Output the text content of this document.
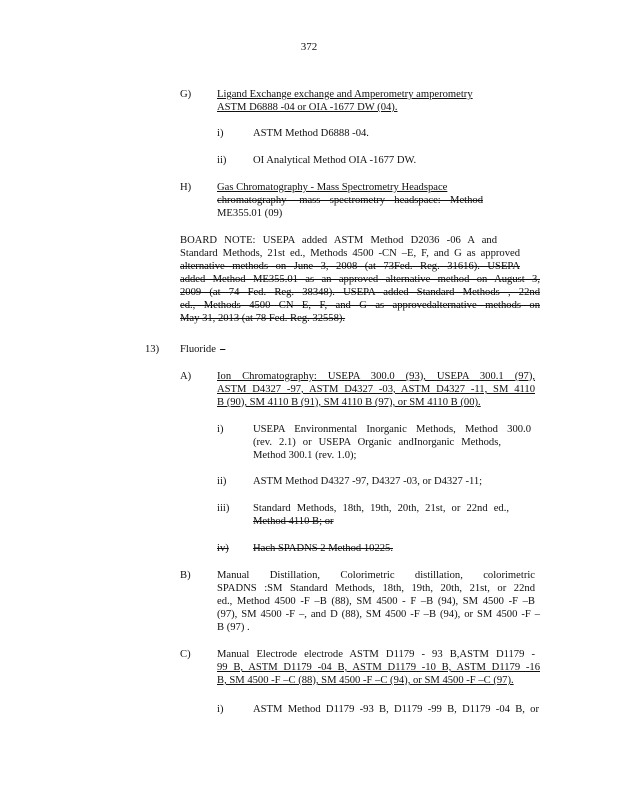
372
G) Ligand Exchange exchange and Amperometry amperometry
ASTM D6888 -04 or OIA -1677 DW (04).
i)	ASTM Method D6888 -04.
ii)	OI Analytical Method OIA -1677 DW.
H) Gas Chromatography - Mass Spectrometry Headspace
chromatography -mass spectrometry headspace: Method
ME355.01 (09)
BOARD NOTE: USEPA added ASTM Method D2036 -06 A and
Standard Methods, 21st ed., Methods 4500 -CN –E, F, and G as approved
alternative methods on June 3, 2008 (at 73Fed. Reg. 31616). USEPA
added Method ME355.01 as an approved alternative method on August 3,
2009 (at 74 Fed. Reg. 38348). USEPA added Standard Methods , 22nd
ed., Methods 4500 CN E, F, and G as approvedalternative methods on
May 31, 2013 (at 78 Fed. Reg. 32558).
13) Fluoride –
A) Ion Chromatography: USEPA 300.0 (93), USEPA 300.1 (97),
ASTM D4327 -97, ASTM D4327 -03, ASTM D4327 -11, SM 4110
B (90), SM 4110 B (91), SM 4110 B (97), or SM 4110 B (00).
i)	USEPA Environmental Inorganic Methods, Method 300.0
(rev. 2.1) or USEPA Organic andInorganic Methods,
Method 300.1 (rev. 1.0);
ii)	ASTM Method D4327 -97, D4327 -03, or D4327 -11;
iii) Standard Methods, 18th, 19th, 20th, 21st, or 22nd ed.,
Method 4110 B; or
iv) Hach SPADNS 2 Method 10225.
B) Manual Distillation, Colorimetric distillation, colorimetric
SPADNS :SM Standard Methods, 18th, 19th, 20th, 21st, or 22nd
ed., Method 4500 -F –B (88), SM 4500 - F –B (94), SM 4500 -F –B
(97), SM 4500 -F –, and D (88), SM 4500 -F –B (94), or SM 4500 -F –
B (97) .
C) Manual Electrode electrode ASTM D1179 - 93 B,ASTM D1179 -
99 B, ASTM D1179 -04 B, ASTM D1179 -10 B, ASTM D1179 -16
B, SM 4500 -F –C (88), SM 4500 -F –C (94), or SM 4500 -F –C (97).
i)	ASTM Method D1179 -93 B, D1179 -99 B, D1179 -04 B, or
